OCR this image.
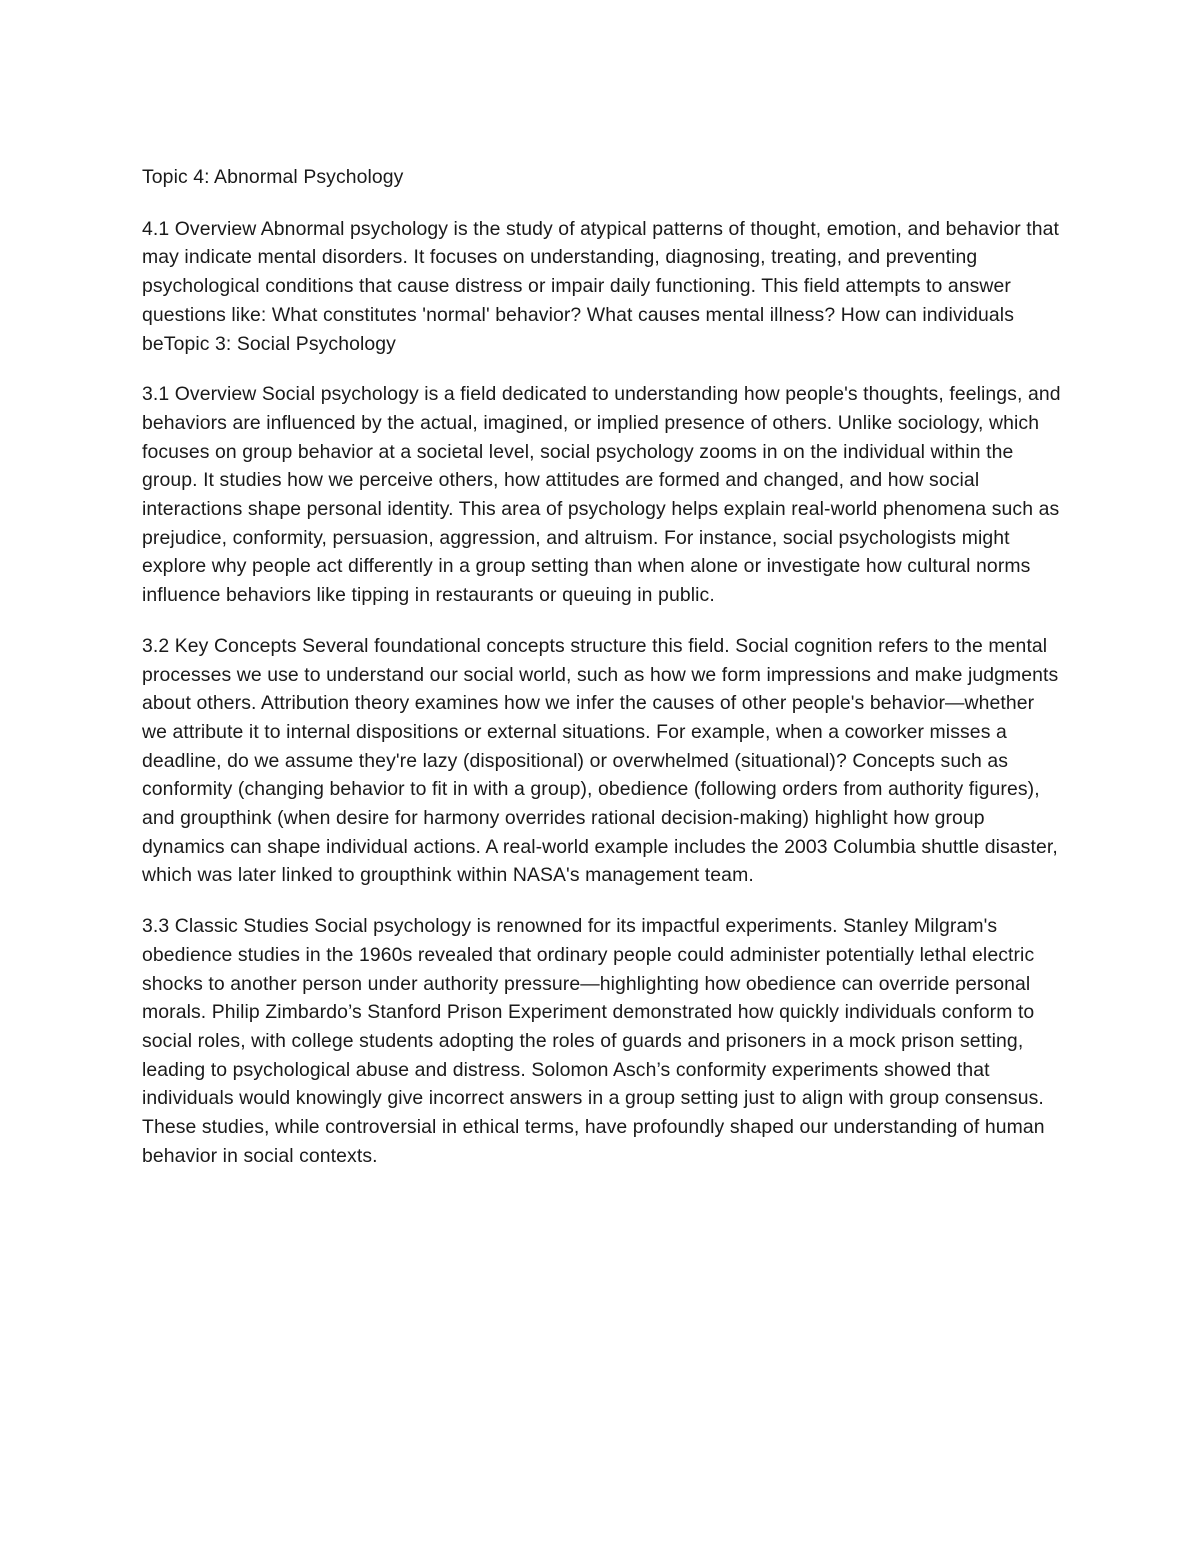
Topic 4: Abnormal Psychology

4.1 Overview Abnormal psychology is the study of atypical patterns of thought, emotion, and behavior that may indicate mental disorders. It focuses on understanding, diagnosing, treating, and preventing psychological conditions that cause distress or impair daily functioning. This field attempts to answer questions like: What constitutes 'normal' behavior? What causes mental illness? How can individuals beTopic 3: Social Psychology

3.1 Overview Social psychology is a field dedicated to understanding how people's thoughts, feelings, and behaviors are influenced by the actual, imagined, or implied presence of others. Unlike sociology, which focuses on group behavior at a societal level, social psychology zooms in on the individual within the group. It studies how we perceive others, how attitudes are formed and changed, and how social interactions shape personal identity. This area of psychology helps explain real-world phenomena such as prejudice, conformity, persuasion, aggression, and altruism. For instance, social psychologists might explore why people act differently in a group setting than when alone or investigate how cultural norms influence behaviors like tipping in restaurants or queuing in public.

3.2 Key Concepts Several foundational concepts structure this field. Social cognition refers to the mental processes we use to understand our social world, such as how we form impressions and make judgments about others. Attribution theory examines how we infer the causes of other people's behavior—whether we attribute it to internal dispositions or external situations. For example, when a coworker misses a deadline, do we assume they're lazy (dispositional) or overwhelmed (situational)? Concepts such as conformity (changing behavior to fit in with a group), obedience (following orders from authority figures), and groupthink (when desire for harmony overrides rational decision-making) highlight how group dynamics can shape individual actions. A real-world example includes the 2003 Columbia shuttle disaster, which was later linked to groupthink within NASA's management team.

3.3 Classic Studies Social psychology is renowned for its impactful experiments. Stanley Milgram's obedience studies in the 1960s revealed that ordinary people could administer potentially lethal electric shocks to another person under authority pressure—highlighting how obedience can override personal morals. Philip Zimbardo’s Stanford Prison Experiment demonstrated how quickly individuals conform to social roles, with college students adopting the roles of guards and prisoners in a mock prison setting, leading to psychological abuse and distress. Solomon Asch’s conformity experiments showed that individuals would knowingly give incorrect answers in a group setting just to align with group consensus. These studies, while controversial in ethical terms, have profoundly shaped our understanding of human behavior in social contexts.
